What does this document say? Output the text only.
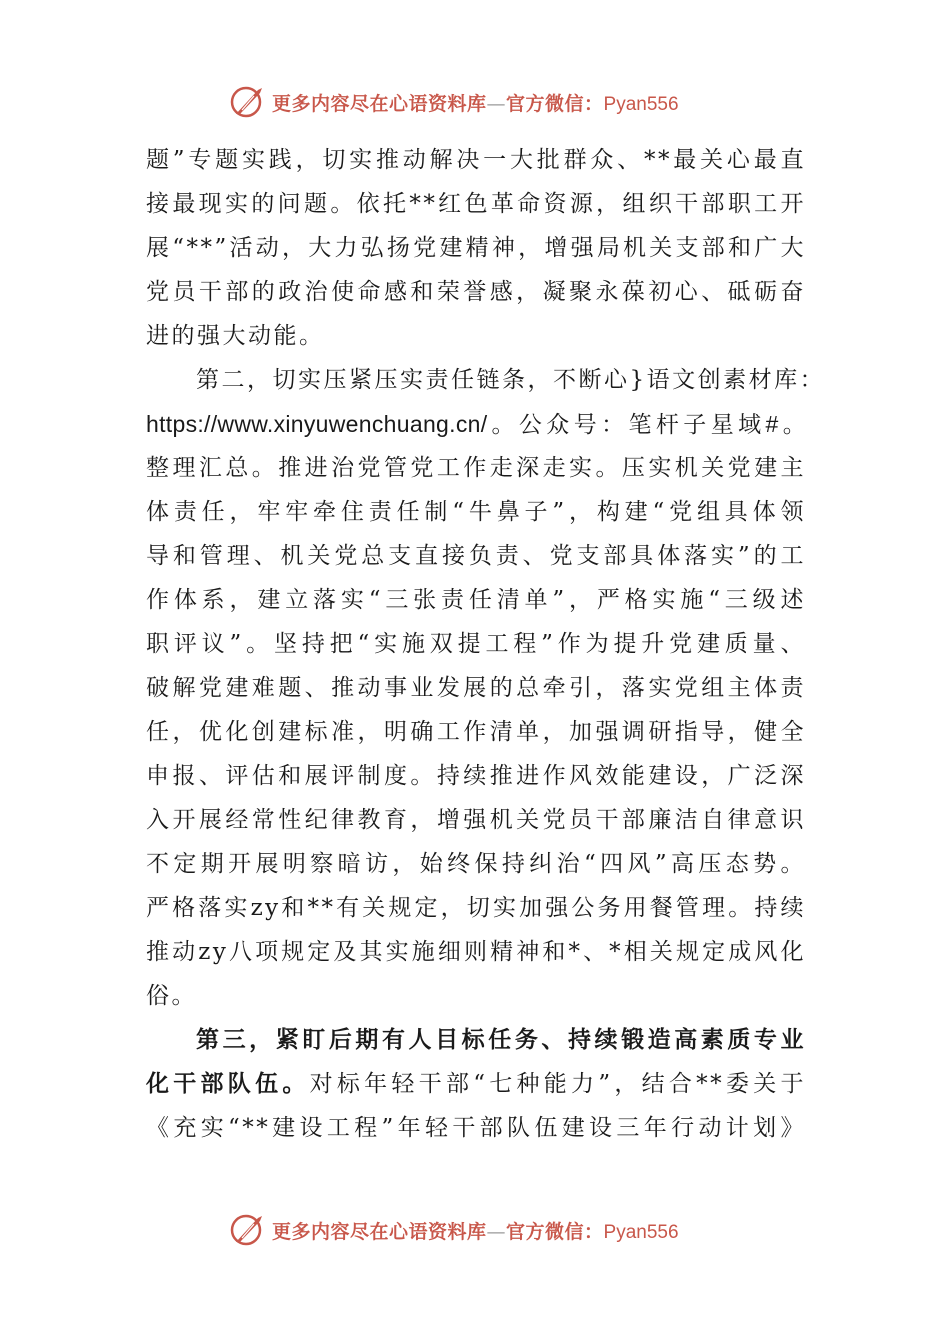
更多内容尽在心语资料库—官方微信：Pyan556
题”专题实践，切实推动解决一大批群众、**最关心最直
接最现实的问题。依托**红色革命资源，组织干部职工开
展“**”活动，大力弘扬党建精神，增强局机关支部和广大
党员干部的政治使命感和荣誉感，凝聚永葆初心、砥砺奋
进的强大动能。
第二，切实压紧压实责任链条，不断心}语文创素材库：
https://www.xinyuwenchuang.cn/。公众号：笔杆子星域#。
整理汇总。推进治党管党工作走深走实。压实机关党建主
体责任，牢牢牵住责任制“牛鼻子”，构建“党组具体领
导和管理、机关党总支直接负责、党支部具体落实”的工
作体系，建立落实“三张责任清单”，严格实施“三级述
职评议”。坚持把“实施双提工程”作为提升党建质量、
破解党建难题、推动事业发展的总牵引，落实党组主体责
任，优化创建标准，明确工作清单，加强调研指导，健全
申报、评估和展评制度。持续推进作风效能建设，广泛深
入开展经常性纪律教育，增强机关党员干部廉洁自律意识
不定期开展明察暗访，始终保持纠治“四风”高压态势。
严格落实zy和**有关规定，切实加强公务用餐管理。持续
推动zy八项规定及其实施细则精神和*、*相关规定成风化
俗。
第三，紧盯后期有人目标任务、持续锻造高素质专业
化干部队伍。对标年轻干部“七种能力”，结合**委关于
《充实“**建设工程”年轻干部队伍建设三年行动计划》
更多内容尽在心语资料库—官方微信：Pyan556
